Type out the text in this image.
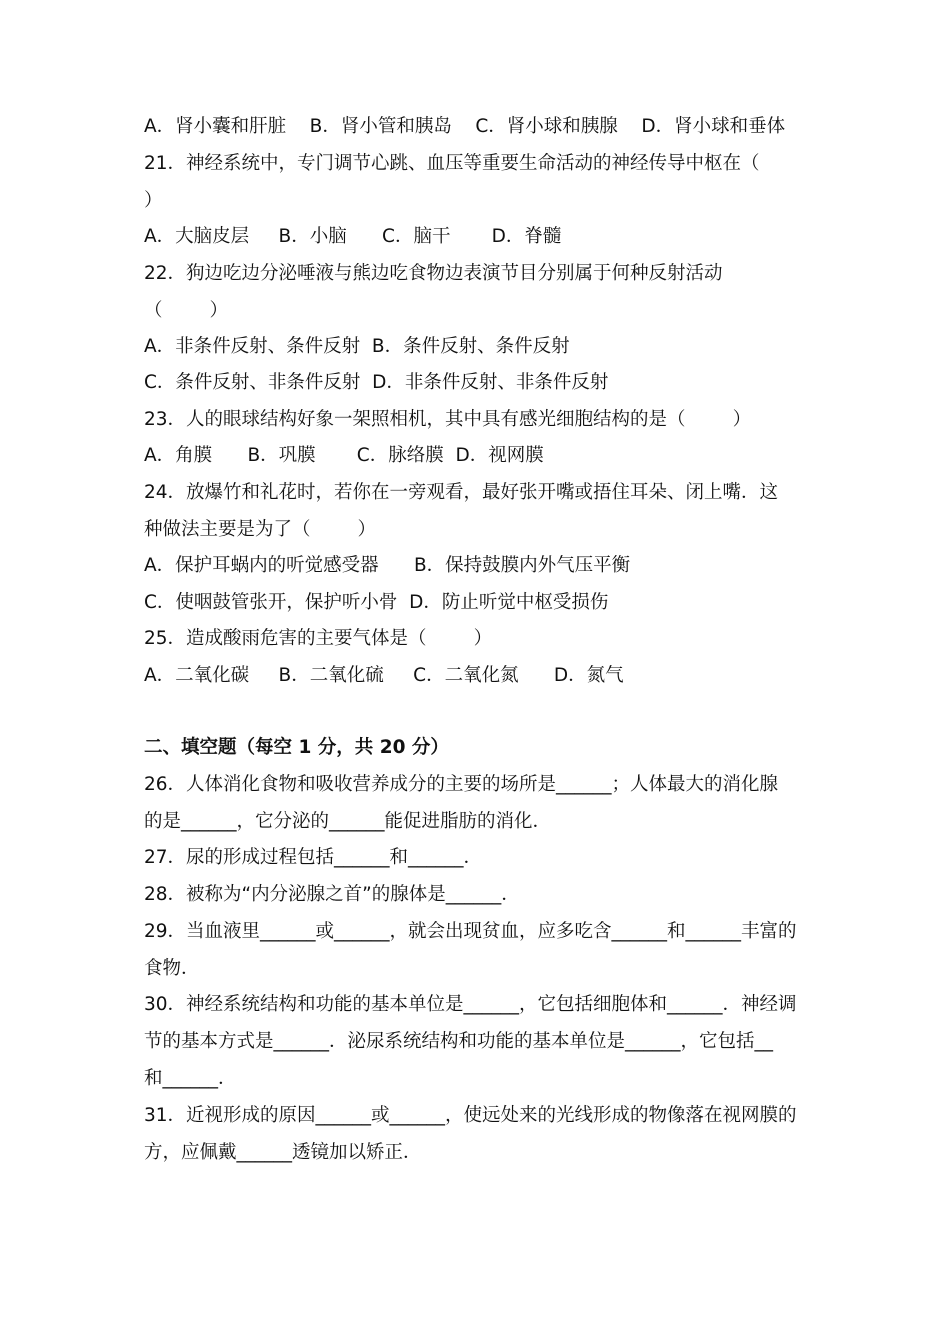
A．肾小囊和肝脏    B．肾小管和胰岛    C．肾小球和胰腺    D．肾小球和垂体
21．神经系统中，专门调节心跳、血压等重要生命活动的神经传导中枢在（
）
A．大脑皮层     B．小脑      C．脑干       D．脊髓
22．狗边吃边分泌唾液与熊边吃食物边表演节目分别属于何种反射活动
（        ）
A．非条件反射、条件反射  B．条件反射、条件反射
C．条件反射、非条件反射  D．非条件反射、非条件反射
23．人的眼球结构好象一架照相机，其中具有感光细胞结构的是（        ）
A．角膜      B．巩膜       C．脉络膜  D．视网膜
24．放爆竹和礼花时，若你在一旁观看，最好张开嘴或捂住耳朵、闭上嘴．这
种做法主要是为了（        ）
A．保护耳蜗内的听觉感受器      B．保持鼓膜内外气压平衡
C．使咽鼓管张开，保护听小骨  D．防止听觉中枢受损伤
25．造成酸雨危害的主要气体是（        ）
A．二氧化碳     B．二氧化硫     C．二氧化氮      D．氮气
二、填空题（每空 1 分，共 20 分）
26．人体消化食物和吸收营养成分的主要的场所是______；人体最大的消化腺
的是______，它分泌的______能促进脂肪的消化．
27．尿的形成过程包括______和______．
28．被称为“内分泌腺之首”的腺体是______．
29．当血液里______或______，就会出现贫血，应多吃含______和______丰富的
食物．
30．神经系统结构和功能的基本单位是______，它包括细胞体和______．神经调
节的基本方式是______．泌尿系统结构和功能的基本单位是______，它包括__
和______．
31．近视形成的原因______或______，使远处来的光线形成的物像落在视网膜的
方，应佩戴______透镜加以矫正．
